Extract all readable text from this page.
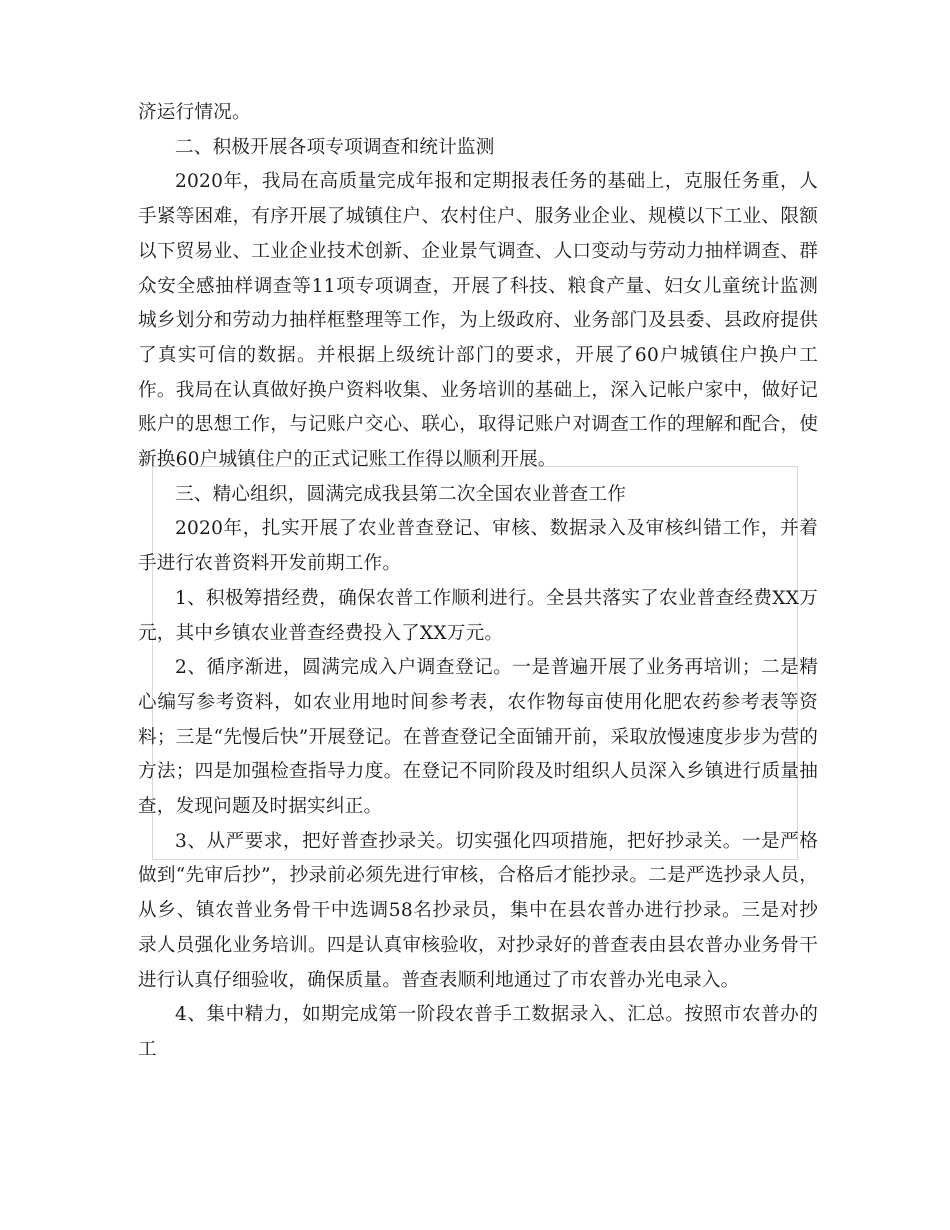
济运行情况。

二、积极开展各项专项调查和统计监测

2020年，我局在高质量完成年报和定期报表任务的基础上，克服任务重，人手紧等困难，有序开展了城镇住户、农村住户、服务业企业、规模以下工业、限额以下贸易业、工业企业技术创新、企业景气调查、人口变动与劳动力抽样调查、群众安全感抽样调查等11项专项调查，开展了科技、粮食产量、妇女儿童统计监测城乡划分和劳动力抽样框整理等工作，为上级政府、业务部门及县委、县政府提供了真实可信的数据。并根据上级统计部门的要求，开展了60户城镇住户换户工作。我局在认真做好换户资料收集、业务培训的基础上，深入记帐户家中，做好记账户的思想工作，与记账户交心、联心，取得记账户对调查工作的理解和配合，使新换60户城镇住户的正式记账工作得以顺利开展。

三、精心组织，圆满完成我县第二次全国农业普查工作

2020年，扎实开展了农业普查登记、审核、数据录入及审核纠错工作，并着手进行农普资料开发前期工作。

1、积极筹措经费，确保农普工作顺利进行。全县共落实了农业普查经费XX万元，其中乡镇农业普查经费投入了XX万元。

2、循序渐进，圆满完成入户调查登记。一是普遍开展了业务再培训；二是精心编写参考资料，如农业用地时间参考表，农作物每亩使用化肥农药参考表等资料；三是“先慢后快”开展登记。在普查登记全面铺开前，采取放慢速度步步为营的方法；四是加强检查指导力度。在登记不同阶段及时组织人员深入乡镇进行质量抽查，发现问题及时据实纠正。

3、从严要求，把好普查抄录关。切实强化四项措施，把好抄录关。一是严格做到“先审后抄”，抄录前必须先进行审核，合格后才能抄录。二是严选抄录人员，从乡、镇农普业务骨干中选调58名抄录员，集中在县农普办进行抄录。三是对抄录人员强化业务培训。四是认真审核验收，对抄录好的普查表由县农普办业务骨干进行认真仔细验收，确保质量。普查表顺利地通过了市农普办光电录入。

4、集中精力，如期完成第一阶段农普手工数据录入、汇总。按照市农普办的工
